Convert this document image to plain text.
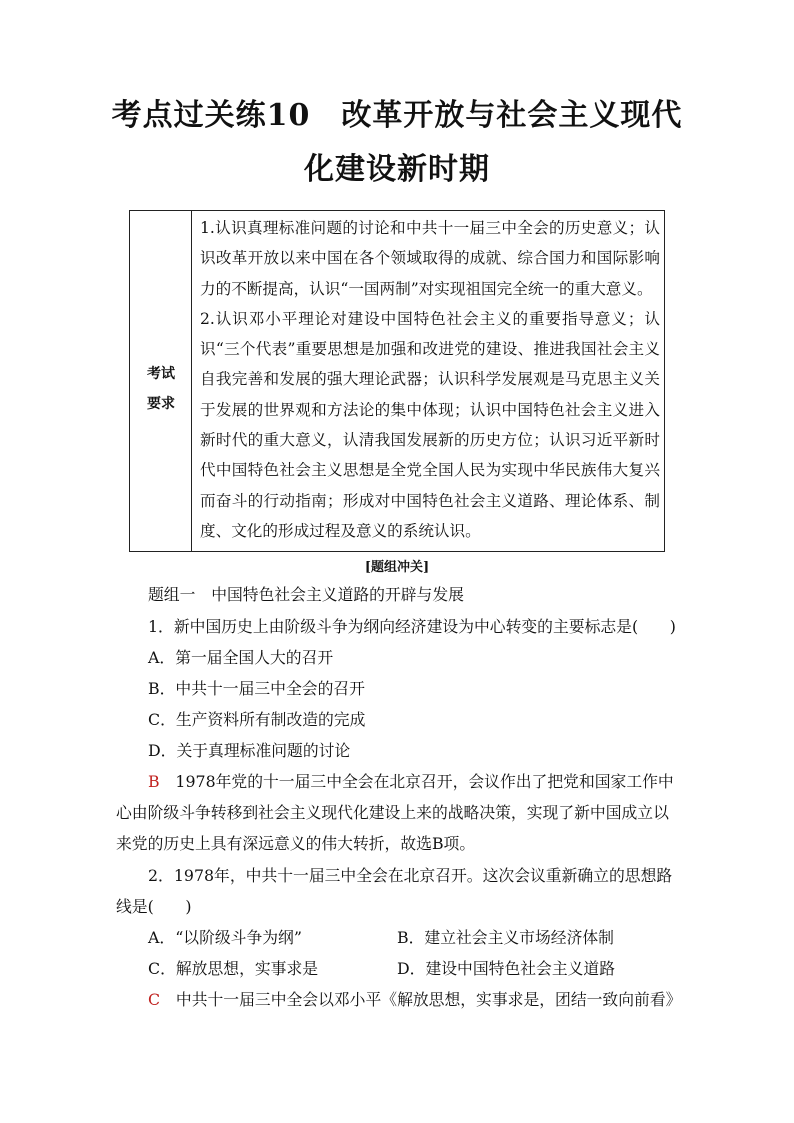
考点过关练10　改革开放与社会主义现代
化建设新时期
考试
要求

1.认识真理标准问题的讨论和中共十一届三中全会的历史意义；认识改革开放以来中国在各个领域取得的成就、综合国力和国际影响力的不断提高，认识“一国两制”对实现祖国完全统一的重大意义。

2.认识邓小平理论对建设中国特色社会主义的重要指导意义；认识“三个代表”重要思想是加强和改进党的建设、推进我国社会主义自我完善和发展的强大理论武器；认识科学发展观是马克思主义关于发展的世界观和方法论的集中体现；认识中国特色社会主义进入新时代的重大意义，认清我国发展新的历史方位；认识习近平新时代中国特色社会主义思想是全党全国人民为实现中华民族伟大复兴而奋斗的行动指南；形成对中国特色社会主义道路、理论体系、制度、文化的形成过程及意义的系统认识。

[题组冲关]
题组一　中国特色社会主义道路的开辟与发展
1．新中国历史上由阶级斗争为纲向经济建设为中心转变的主要标志是(　　)
A．第一届全国人大的召开
B．中共十一届三中全会的召开
C．生产资料所有制改造的完成
D．关于真理标准问题的讨论
B　 1978年党的十一届三中全会在北京召开，会议作出了把党和国家工作中
心由阶级斗争转移到社会主义现代化建设上来的战略决策，实现了新中国成立以
来党的历史上具有深远意义的伟大转折，故选B项。
2．1978年，中共十一届三中全会在北京召开。这次会议重新确立的思想路
线是(　　)
A．“以阶级斗争为纲”	B．建立社会主义市场经济体制
C．解放思想，实事求是	D．建设中国特色社会主义道路
C　 中共十一届三中全会以邓小平《解放思想，实事求是，团结一致向前看》
